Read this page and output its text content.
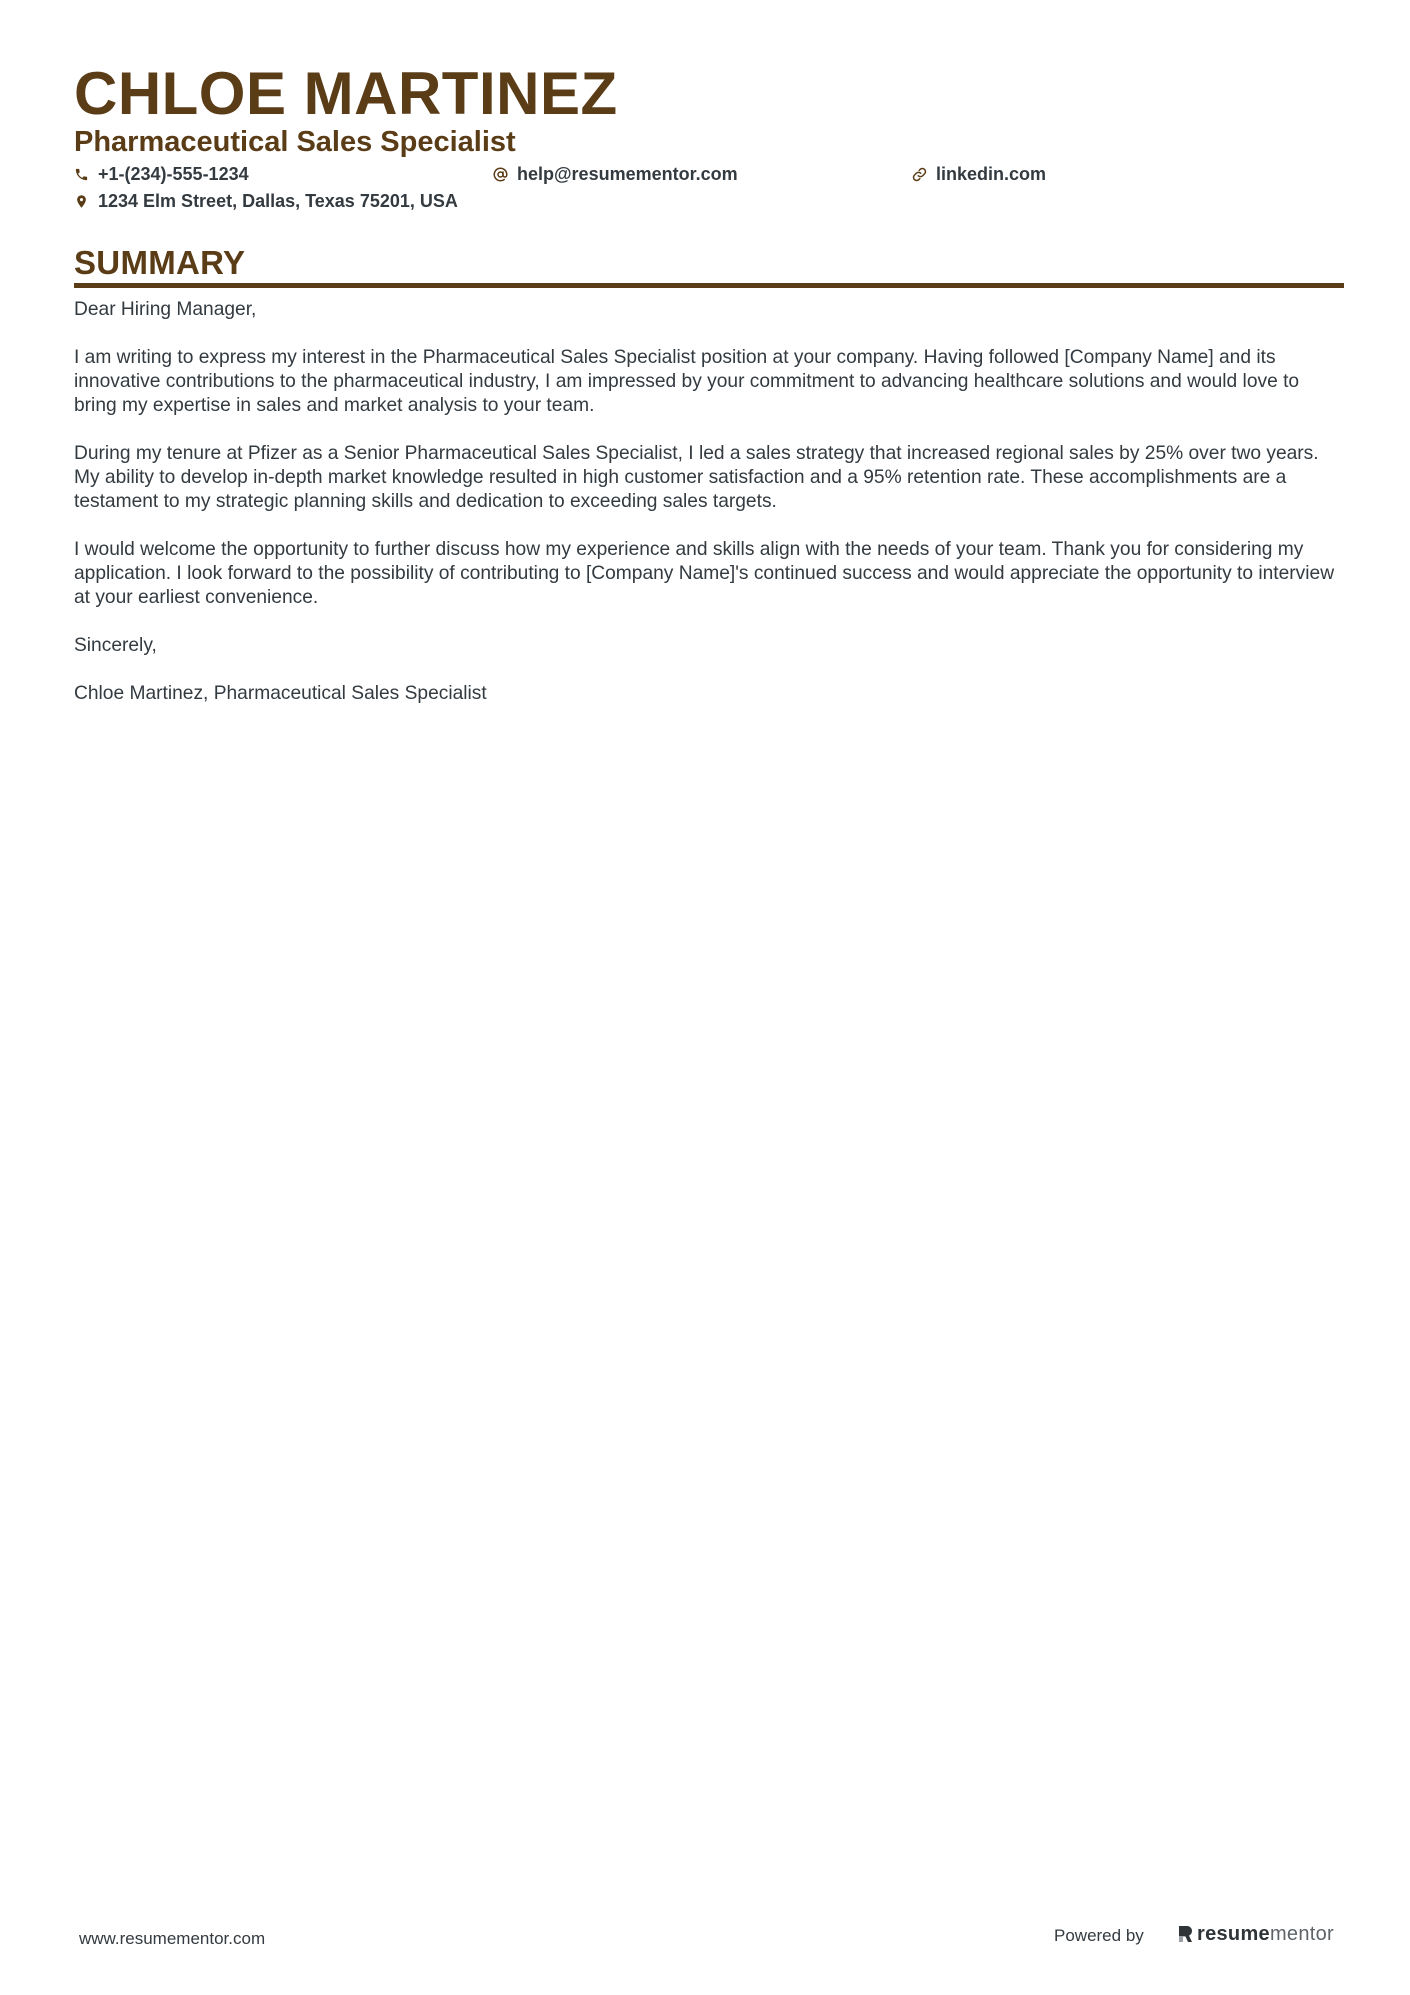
CHLOE MARTINEZ
Pharmaceutical Sales Specialist
+1-(234)-555-1234	help@resumementor.com	linkedin.com
1234 Elm Street, Dallas, Texas 75201, USA
SUMMARY

Dear Hiring Manager,

I am writing to express my interest in the Pharmaceutical Sales Specialist position at your company. Having followed [Company Name] and its innovative contributions to the pharmaceutical industry, I am impressed by your commitment to advancing healthcare solutions and would love to bring my expertise in sales and market analysis to your team.

During my tenure at Pfizer as a Senior Pharmaceutical Sales Specialist, I led a sales strategy that increased regional sales by 25% over two years. My ability to develop in-depth market knowledge resulted in high customer satisfaction and a 95% retention rate. These accomplishments are a testament to my strategic planning skills and dedication to exceeding sales targets.

I would welcome the opportunity to further discuss how my experience and skills align with the needs of your team. Thank you for considering my application. I look forward to the possibility of contributing to [Company Name]'s continued success and would appreciate the opportunity to interview at your earliest convenience.

Sincerely,

Chloe Martinez, Pharmaceutical Sales Specialist

www.resumementor.com	Powered by	resumementor
